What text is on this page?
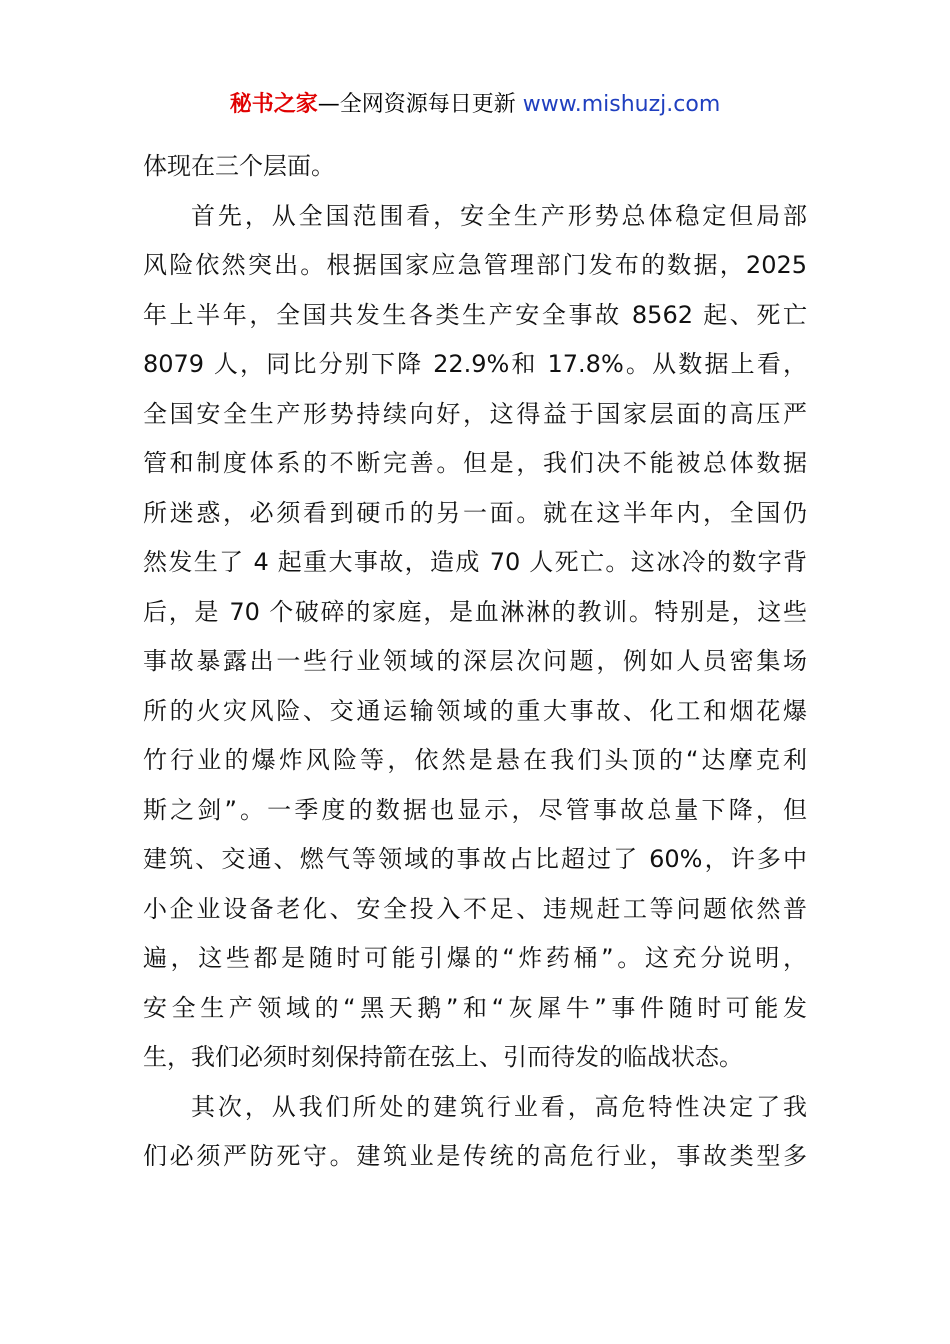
秘书之家—全网资源每日更新 www.mishuzj.com
体现在三个层面。
首先，从全国范围看，安全生产形势总体稳定但局部
风险依然突出。根据国家应急管理部门发布的数据，2025
年上半年，全国共发生各类生产安全事故 8562 起、死亡
8079 人，同比分别下降 22.9%和 17.8%。从数据上看，
全国安全生产形势持续向好，这得益于国家层面的高压严
管和制度体系的不断完善。但是，我们决不能被总体数据
所迷惑，必须看到硬币的另一面。就在这半年内，全国仍
然发生了 4 起重大事故，造成 70 人死亡。这冰冷的数字背
后，是 70 个破碎的家庭，是血淋淋的教训。特别是，这些
事故暴露出一些行业领域的深层次问题，例如人员密集场
所的火灾风险、交通运输领域的重大事故、化工和烟花爆
竹行业的爆炸风险等，依然是悬在我们头顶的“达摩克利
斯之剑”。一季度的数据也显示，尽管事故总量下降，但
建筑、交通、燃气等领域的事故占比超过了 60%，许多中
小企业设备老化、安全投入不足、违规赶工等问题依然普
遍，这些都是随时可能引爆的“炸药桶”。这充分说明，
安全生产领域的“黑天鹅”和“灰犀牛”事件随时可能发
生，我们必须时刻保持箭在弦上、引而待发的临战状态。
其次，从我们所处的建筑行业看，高危特性决定了我
们必须严防死守。建筑业是传统的高危行业，事故类型多
